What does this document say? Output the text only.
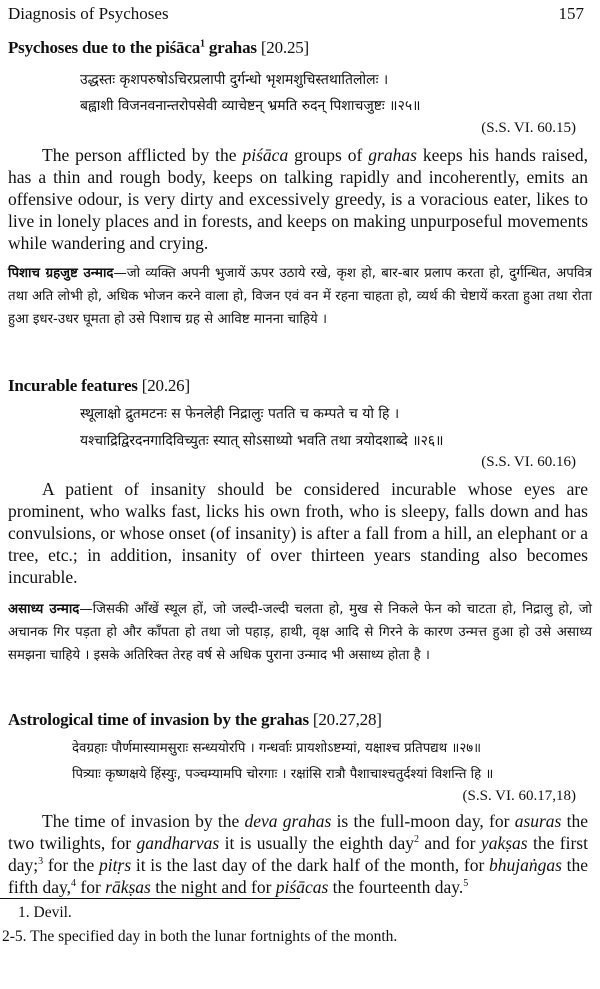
Diagnosis of Psychoses	157
Psychoses due to the piśāca$^1$ grahas [20.25]
उद्धस्तः कृशपरुषोऽचिरप्रलापी दुर्गन्धो भृशमशुचिस्तथातिलोलः ।
बह्वाशी विजनवनान्तरोपसेवी व्याचेष्टन् भ्रमति रुदन् पिशाचजुष्टः ॥२५॥
(S.S. VI. 60.15)

The person afflicted by the piśāca groups of grahas keeps his hands raised, has a thin and rough body, keeps on talking rapidly and incoherently, emits an offensive odour, is very dirty and excessively greedy, is a voracious eater, likes to live in lonely places and in forests, and keeps on making unpurposeful movements while wandering and crying.

पिशाच ग्रहजुष्ट उन्माद—जो व्यक्ति अपनी भुजायें ऊपर उठाये रखे, कृश हो, बार-बार प्रलाप करता हो, दुर्गन्धित, अपवित्र तथा अति लोभी हो, अधिक भोजन करने वाला हो, विजन एवं वन में रहना चाहता हो, व्यर्थ की चेष्टायें करता हुआ तथा रोता हुआ इधर-उधर घूमता हो उसे पिशाच ग्रह से आविष्ट मानना चाहिये ।

Incurable features [20.26]
स्थूलाक्षो द्रुतमटनः स फेनलेही निद्रालुः पतति च कम्पते च यो हि ।
यश्चाद्रिद्विरदनगादिविच्युतः स्यात् सोऽसाध्यो भवति तथा त्रयोदशाब्दे ॥२६॥
(S.S. VI. 60.16)

A patient of insanity should be considered incurable whose eyes are prominent, who walks fast, licks his own froth, who is sleepy, falls down and has convulsions, or whose onset (of insanity) is after a fall from a hill, an elephant or a tree, etc.; in addition, insanity of over thirteen years standing also becomes incurable.

असाध्य उन्माद—जिसकी आँखें स्थूल हों, जो जल्दी-जल्दी चलता हो, मुख से निकले फेन को चाटता हो, निद्रालु हो, जो अचानक गिर पड़ता हो और काँपता हो तथा जो पहाड़, हाथी, वृक्ष आदि से गिरने के कारण उन्मत्त हुआ हो उसे असाध्य समझना चाहिये । इसके अतिरिक्त तेरह वर्ष से अधिक पुराना उन्माद भी असाध्य होता है ।

Astrological time of invasion by the grahas [20.27,28]
देवग्रहाः पौर्णमास्यामसुराः सन्ध्ययोरपि । गन्धर्वाः प्रायशोऽष्टम्यां, यक्षाश्च प्रतिपद्यथ ॥२७॥
पित्र्याः कृष्णक्षये हिंस्युः, पञ्चम्यामपि चोरगाः । रक्षांसि रात्रौ पैशाचाश्चतुर्दश्यां विशन्ति हि ॥
(S.S. VI. 60.17,18)

The time of invasion by the deva grahas is the full-moon day, for asuras the two twilights, for gandharvas it is usually the eighth day$^2$ and for yakṣas the first day;$^3$ for the pitṛs it is the last day of the dark half of the month, for bhujaṅgas the fifth day,$^4$ for rākṣas the night and for piśācas the fourteenth day.$^5$

1. Devil.
2-5. The specified day in both the lunar fortnights of the month.
